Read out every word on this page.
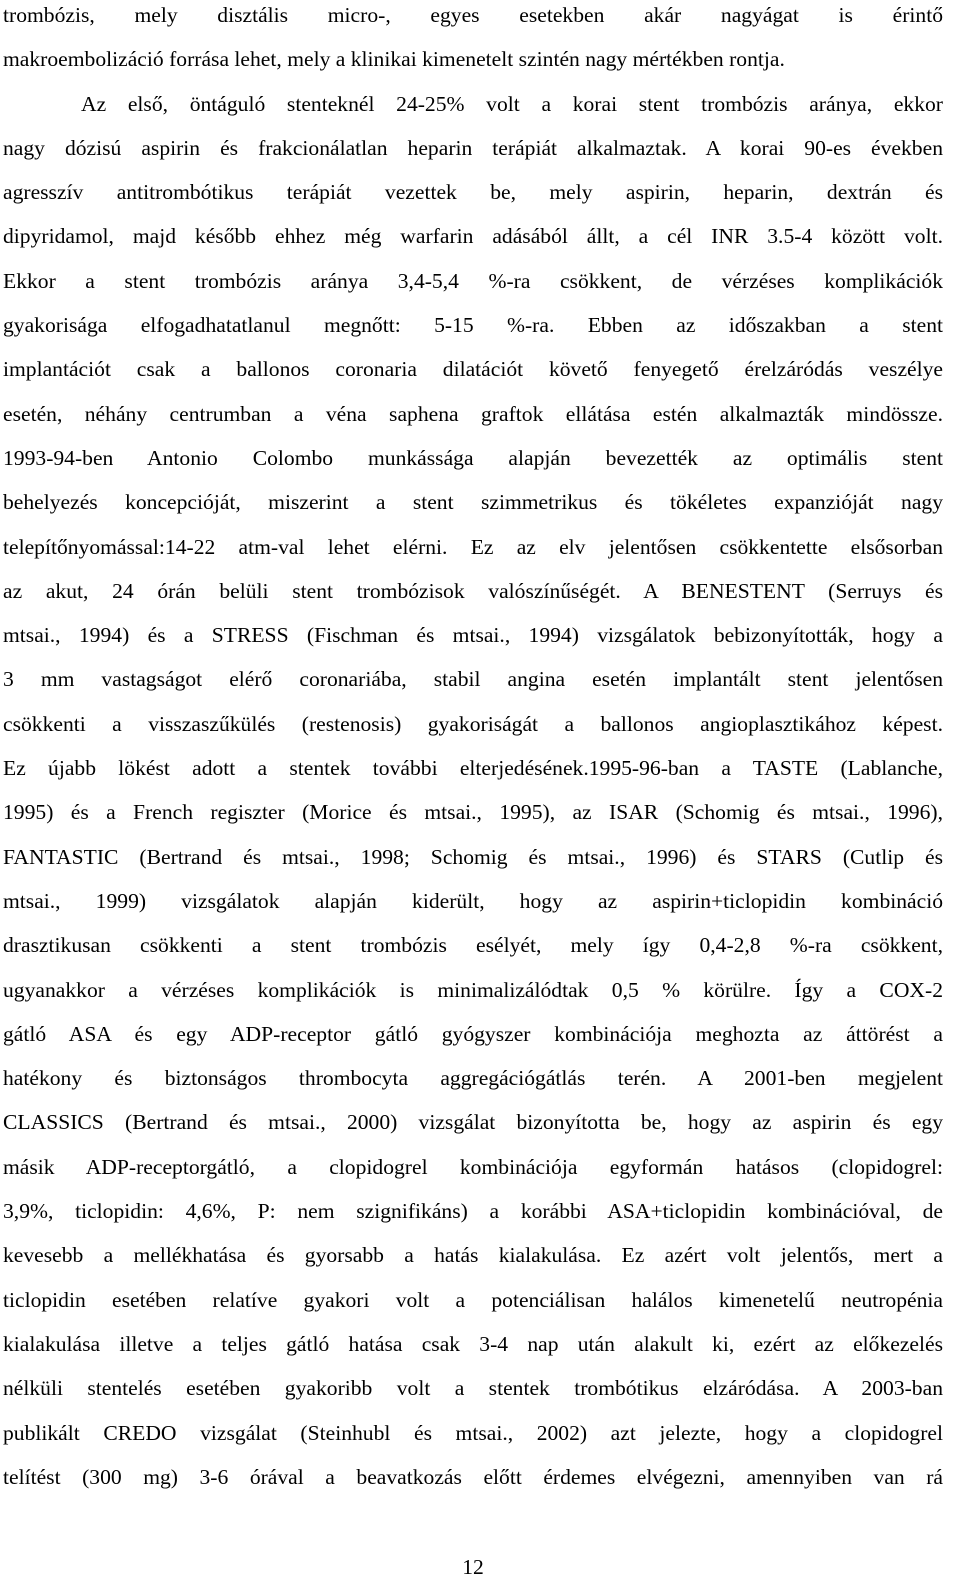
trombózis, mely disztális micro-, egyes esetekben akár nagyágat is érintő
makroembolizáció forrása lehet, mely a klinikai kimenetelt szintén nagy mértékben rontja.
Az első, öntáguló stenteknél 24-25% volt a korai stent trombózis aránya, ekkor
nagy dózisú aspirin és frakcionálatlan heparin terápiát alkalmaztak. A korai 90-es években
agresszív antitrombótikus terápiát vezettek be, mely aspirin, heparin, dextrán és
dipyridamol, majd később ehhez még warfarin adásából állt, a cél INR 3.5-4 között volt.
Ekkor a stent trombózis aránya 3,4-5,4 %-ra csökkent, de vérzéses komplikációk
gyakorisága elfogadhatatlanul megnőtt: 5-15 %-ra. Ebben az időszakban a stent
implantációt csak a ballonos coronaria dilatációt követő fenyegető érelzáródás veszélye
esetén, néhány centrumban a véna saphena graftok ellátása estén alkalmazták mindössze.
1993-94-ben Antonio Colombo munkássága alapján bevezették az optimális stent
behelyezés koncepcióját, miszerint a stent szimmetrikus és tökéletes expanzióját nagy
telepítőnyomással:14-22 atm-val lehet elérni. Ez az elv jelentősen csökkentette elsősorban
az akut, 24 órán belüli stent trombózisok valószínűségét. A BENESTENT (Serruys és
mtsai., 1994) és a STRESS (Fischman és mtsai., 1994) vizsgálatok bebizonyították, hogy a
3 mm vastagságot elérő coronariába, stabil angina esetén implantált stent jelentősen
csökkenti a visszaszűkülés (restenosis) gyakoriságát a ballonos angioplasztikához képest.
Ez újabb lökést adott a stentek további elterjedésének.1995-96-ban a TASTE (Lablanche,
1995) és a French regiszter (Morice és mtsai., 1995), az ISAR (Schomig és mtsai., 1996),
FANTASTIC (Bertrand és mtsai., 1998; Schomig és mtsai., 1996) és STARS (Cutlip és
mtsai., 1999) vizsgálatok alapján kiderült, hogy az aspirin+ticlopidin kombináció
drasztikusan csökkenti a stent trombózis esélyét, mely így 0,4-2,8 %-ra csökkent,
ugyanakkor a vérzéses komplikációk is minimalizálódtak 0,5 % körülre. Így a COX-2
gátló ASA és egy ADP-receptor gátló gyógyszer kombinációja meghozta az áttörést a
hatékony és biztonságos thrombocyta aggregációgátlás terén. A 2001-ben megjelent
CLASSICS (Bertrand és mtsai., 2000) vizsgálat bizonyította be, hogy az aspirin és egy
másik ADP-receptorgátló, a clopidogrel kombinációja egyformán hatásos (clopidogrel:
3,9%, ticlopidin: 4,6%, P: nem szignifikáns) a korábbi ASA+ticlopidin kombinációval, de
kevesebb a mellékhatása és gyorsabb a hatás kialakulása. Ez azért volt jelentős, mert a
ticlopidin esetében relatíve gyakori volt a potenciálisan halálos kimenetelű neutropénia
kialakulása illetve a teljes gátló hatása csak 3-4 nap után alakult ki, ezért az előkezelés
nélküli stentelés esetében gyakoribb volt a stentek trombótikus elzáródása. A 2003-ban
publikált CREDO vizsgálat (Steinhubl és mtsai., 2002) azt jelezte, hogy a clopidogrel
telítést (300 mg) 3-6 órával a beavatkozás előtt érdemes elvégezni, amennyiben van rá
12
